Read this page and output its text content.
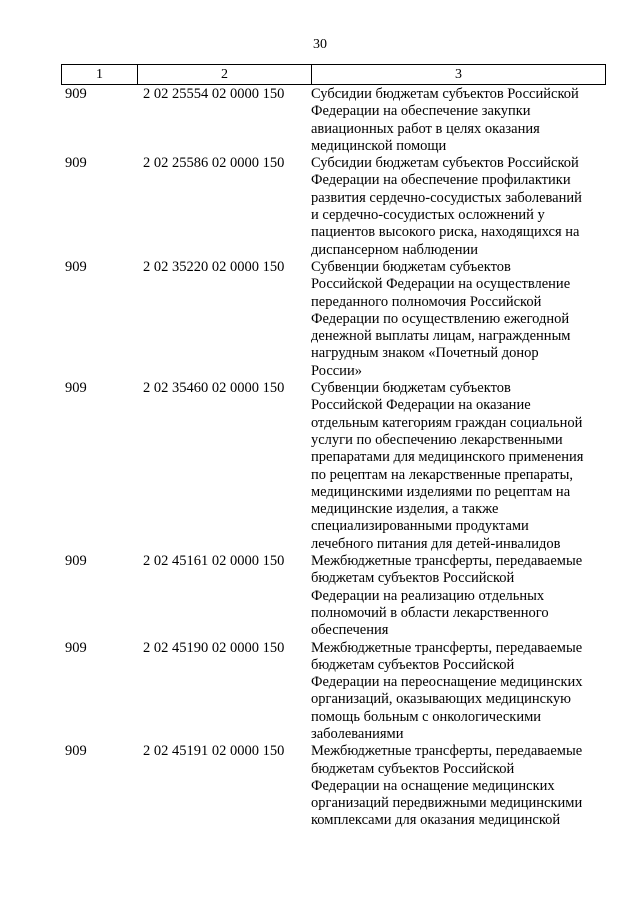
30
1	2	3
909	2 02 25554 02 0000 150	Субсидии бюджетам субъектов Российской
Федерации на обеспечение закупки
авиационных работ в целях оказания
медицинской помощи
909	2 02 25586 02 0000 150	Субсидии бюджетам субъектов Российской
Федерации на обеспечение профилактики
развития сердечно-сосудистых заболеваний
и сердечно-сосудистых осложнений у
пациентов высокого риска, находящихся на
диспансерном наблюдении
909	2 02 35220 02 0000 150	Субвенции бюджетам субъектов
Российской Федерации на осуществление
переданного полномочия Российской
Федерации по осуществлению ежегодной
денежной выплаты лицам, награжденным
нагрудным знаком «Почетный донор
России»
909	2 02 35460 02 0000 150	Субвенции бюджетам субъектов
Российской Федерации на оказание
отдельным категориям граждан социальной
услуги по обеспечению лекарственными
препаратами для медицинского применения
по рецептам на лекарственные препараты,
медицинскими изделиями по рецептам на
медицинские изделия, а также
специализированными продуктами
лечебного питания для детей-инвалидов
909	2 02 45161 02 0000 150	Межбюджетные трансферты, передаваемые
бюджетам субъектов Российской
Федерации на реализацию отдельных
полномочий в области лекарственного
обеспечения
909	2 02 45190 02 0000 150	Межбюджетные трансферты, передаваемые
бюджетам субъектов Российской
Федерации на переоснащение медицинских
организаций, оказывающих медицинскую
помощь больным с онкологическими
заболеваниями
909	2 02 45191 02 0000 150	Межбюджетные трансферты, передаваемые
бюджетам субъектов Российской
Федерации на оснащение медицинских
организаций передвижными медицинскими
комплексами для оказания медицинской
